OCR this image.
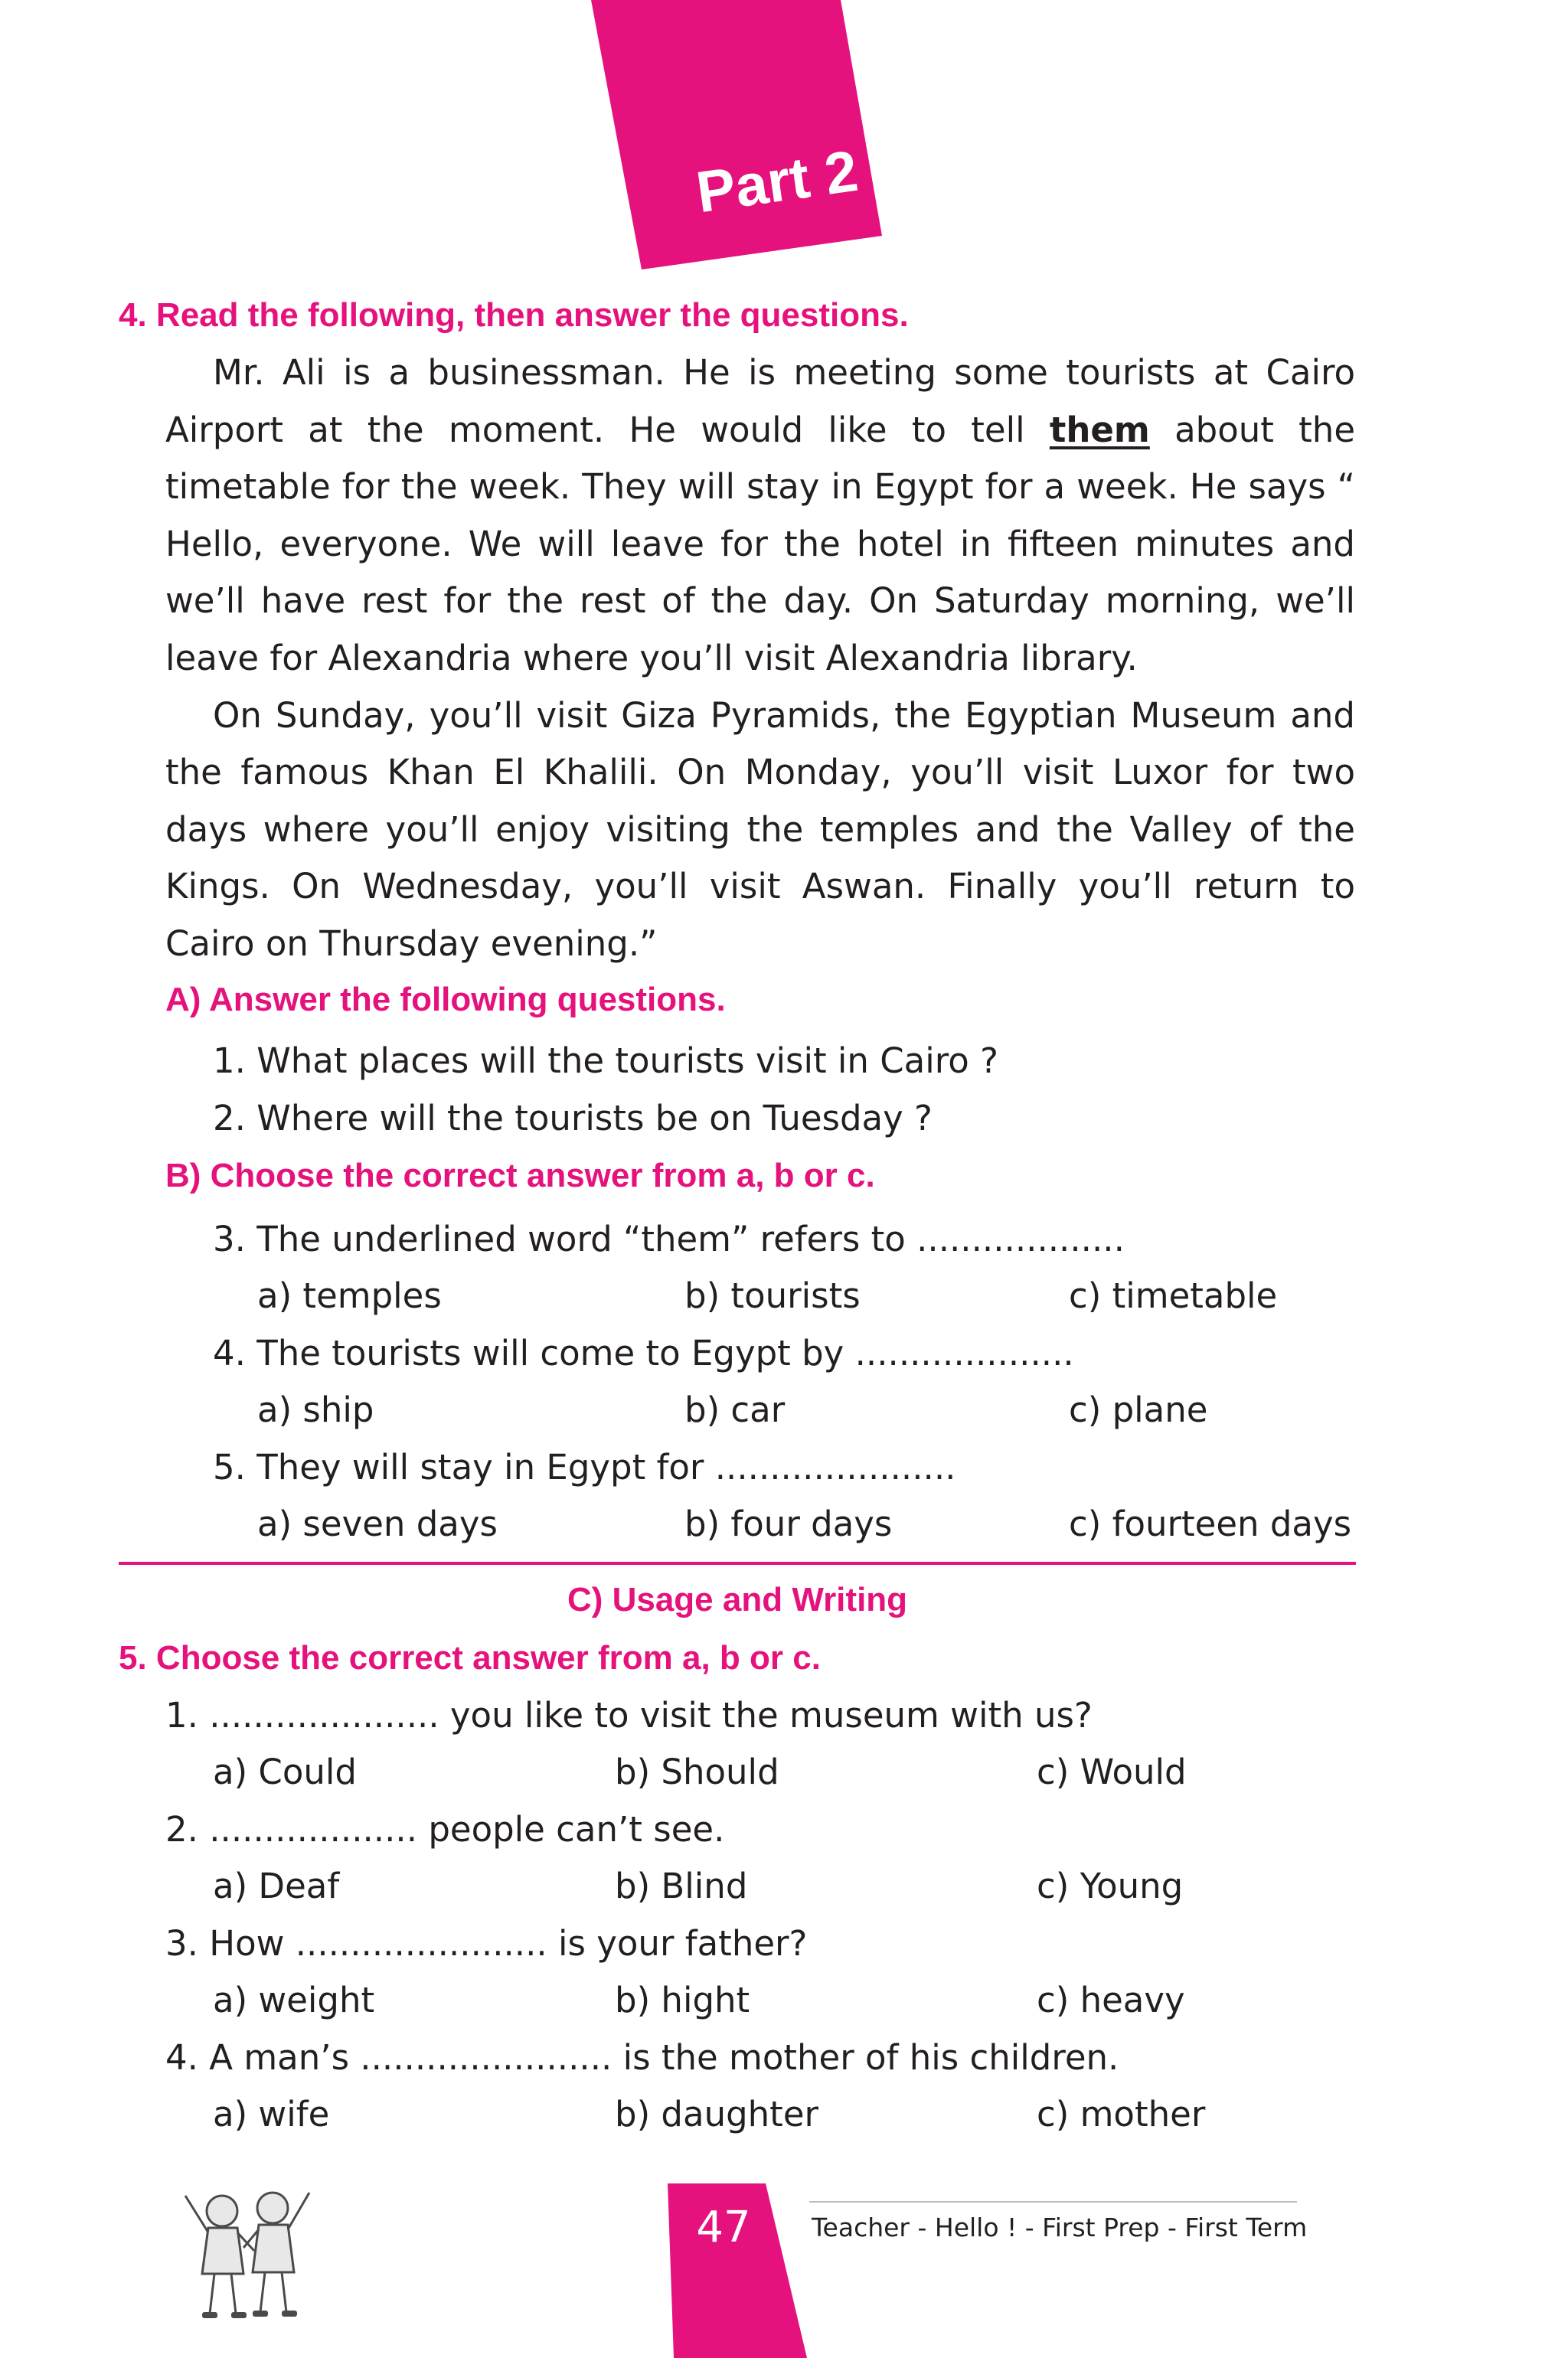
Part 2
4. Read the following, then answer the questions.

Mr. Ali is a businessman. He is meeting some tourists at Cairo Airport at the moment. He would like to tell them about the timetable for the week. They will stay in Egypt for a week. He says “ Hello, everyone. We will leave for the hotel in fifteen minutes and we’ll have rest for the rest of the day. On Saturday morning, we’ll leave for Alexandria where you’ll visit Alexandria library.

On Sunday, you’ll visit Giza Pyramids, the Egyptian Museum and the famous Khan El Khalili. On Monday, you’ll visit Luxor for two days where you’ll enjoy visiting the temples and the Valley of the Kings. On Wednesday, you’ll visit Aswan. Finally you’ll return to Cairo on Thursday evening.”

A) Answer the following questions.
1. What places will the tourists visit in Cairo ?
2. Where will the tourists be on Tuesday ?
B) Choose the correct answer from a, b or c.
3. The underlined word “them” refers to ...................
a) temples	b) tourists	c) timetable
4. The tourists will come to Egypt by ....................
a) ship	b) car	c) plane
5. They will stay in Egypt for ......................
a) seven days	b) four days	c) fourteen days
C) Usage and Writing
5. Choose the correct answer from a, b or c.
1. ..................... you like to visit the museum with us?
a) Could	b) Should	c) Would
2. ................... people can’t see.
a) Deaf	b) Blind	c) Young
3. How ....................... is your father?
a) weight	b) hight	c) heavy
4. A man’s ....................... is the mother of his children.
a) wife	b) daughter	c) mother
47	Teacher - Hello ! - First Prep - First Term
